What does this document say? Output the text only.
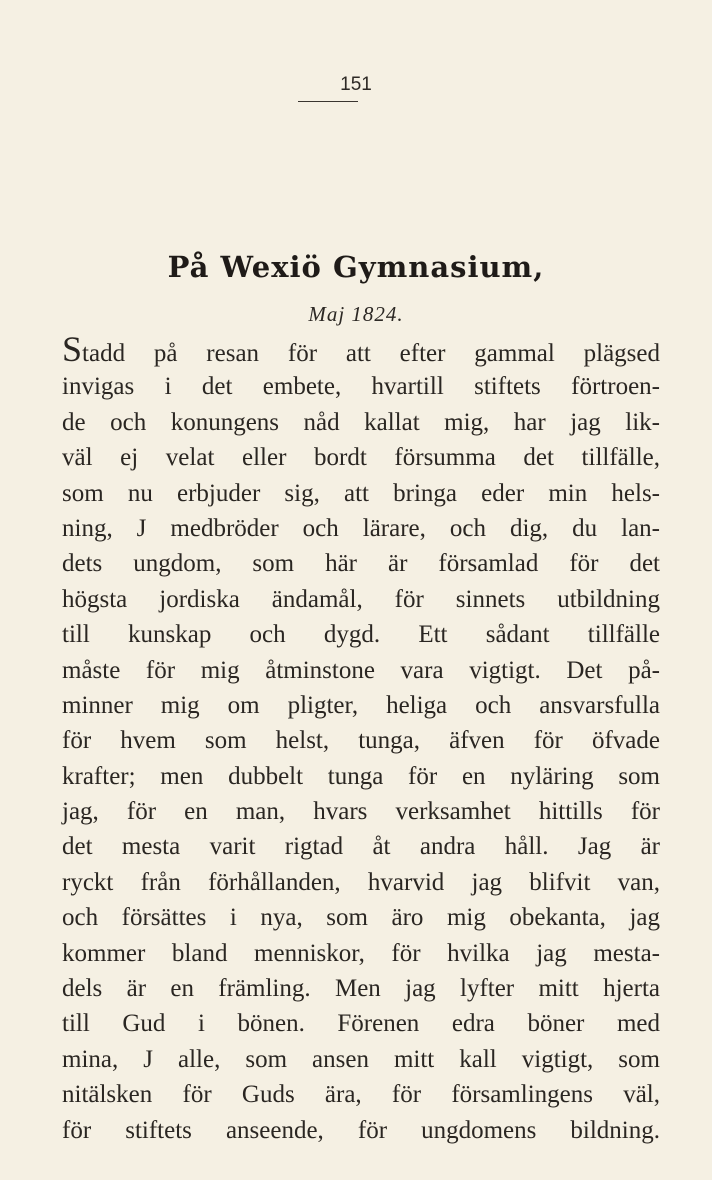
151
På Wexiö Gymnasium,
Maj 1824.
Stadd på resan för att efter gammal plägsed
invigas i det embete, hvartill stiftets förtroen-
de och konungens nåd kallat mig, har jag lik-
väl ej velat eller bordt försumma det tillfälle,
som nu erbjuder sig, att bringa eder min hels-
ning, J medbröder och lärare, och dig, du lan-
dets ungdom, som här är församlad för det
högsta jordiska ändamål, för sinnets utbildning
till kunskap och dygd. Ett sådant tillfälle
måste för mig åtminstone vara vigtigt. Det på-
minner mig om pligter, heliga och ansvarsfulla
för hvem som helst, tunga, äfven för öfvade
krafter; men dubbelt tunga för en nyläring som
jag, för en man, hvars verksamhet hittills för
det mesta varit rigtad åt andra håll. Jag är
ryckt från förhållanden, hvarvid jag blifvit van,
och försättes i nya, som äro mig obekanta, jag
kommer bland menniskor, för hvilka jag mesta-
dels är en främling. Men jag lyfter mitt hjerta
till Gud i bönen. Förenen edra böner med
mina, J alle, som ansen mitt kall vigtigt, som
nitälsken för Guds ära, för församlingens väl,
för stiftets anseende, för ungdomens bildning.
